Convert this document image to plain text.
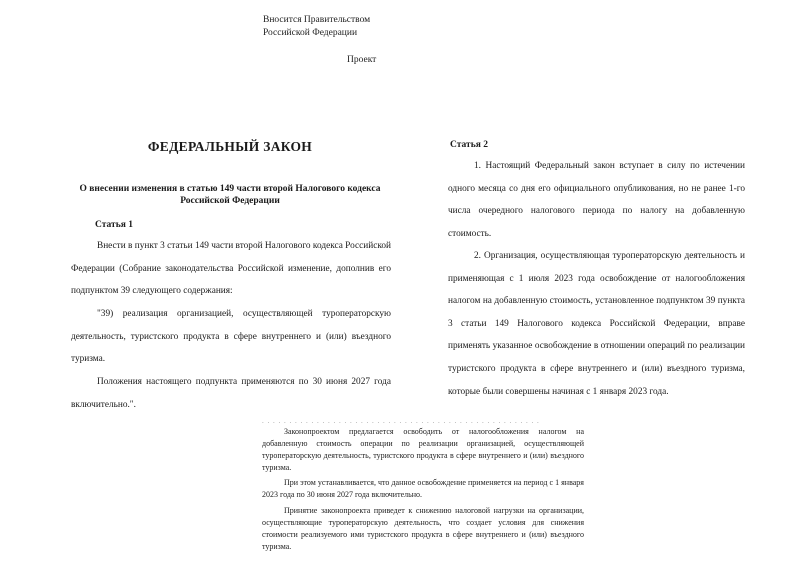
Вносится Правительством
Российской Федерации
Проект
ФЕДЕРАЛЬНЫЙ ЗАКОН
О внесении изменения в статью 149 части второй Налогового кодекса Российской Федерации
Статья 1
Внести в пункт 3 статьи 149 части второй Налогового кодекса Российской Федерации (Собрание законодательства Российской изменение, дополнив его подпунктом 39 следующего содержания:
"39) реализация организацией, осуществляющей туроператорскую деятельность, туристского продукта в сфере внутреннего и (или) въездного туризма.
Положения настоящего подпункта применяются по 30 июня 2027 года включительно.".
Статья 2
1. Настоящий Федеральный закон вступает в силу по истечении одного месяца со дня его официального опубликования, но не ранее 1-го числа очередного налогового периода по налогу на добавленную стоимость.
2. Организация, осуществляющая туроператорскую деятельность и применяющая с 1 июля 2023 года освобождение от налогообложения налогом на добавленную стоимость, установленное подпунктом 39 пункта 3 статьи 149 Налогового кодекса Российской Федерации, вправе применять указанное освобождение в отношении операций по реализации туристского продукта в сфере внутреннего и (или) въездного туризма, которые были совершены начиная с 1 января 2023 года.
. . . . . . . . . . . . . . . . . . . . . . . . . . . . . . . . . . . . . . . . . . . . . . . . . . .

Законопроектом предлагается освободить от налогообложения налогом на добавленную стоимость операции по реализации организацией, осуществляющей туроператорскую деятельность, туристского продукта в сфере внутреннего и (или) въездного туризма.

При этом устанавливается, что данное освобождение применяется на период с 1 января 2023 года по 30 июня 2027 года включительно.

Принятие законопроекта приведет к снижению налоговой нагрузки на организации, осуществляющие туроператорскую деятельность, что создает условия для снижения стоимости реализуемого ими туристского продукта в сфере внутреннего и (или) въездного туризма.
